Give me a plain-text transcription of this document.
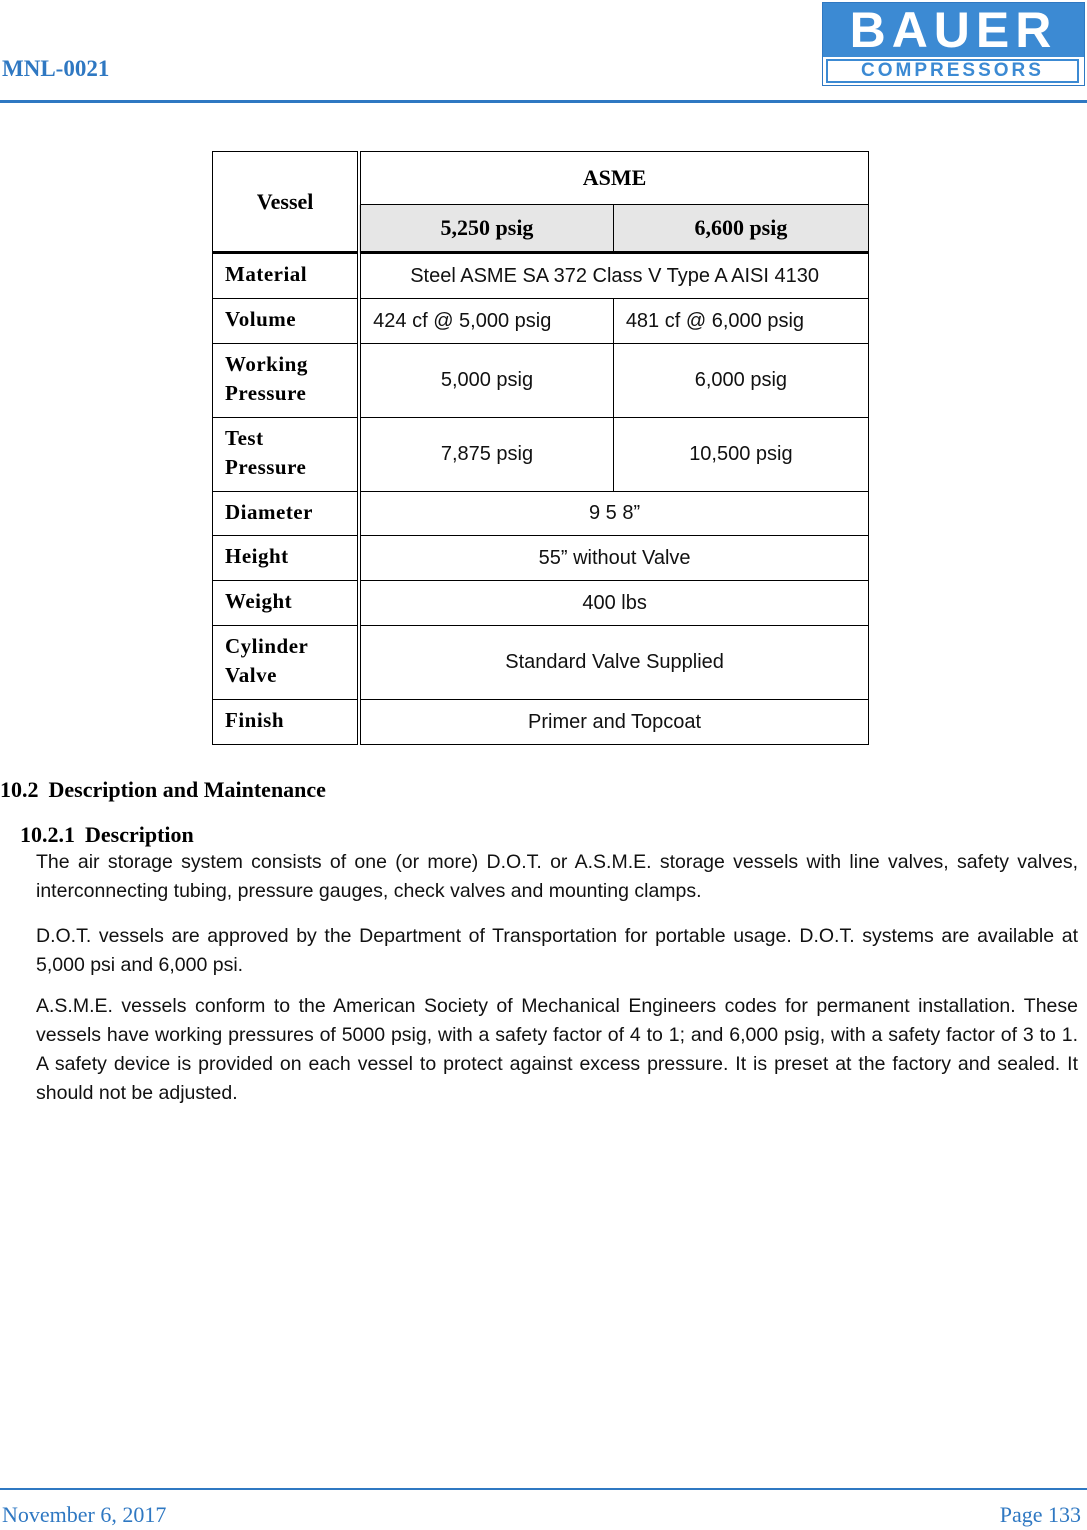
MNL-0021
BAUER
COMPRESSORS
Vessel	ASME	
	5,250 psig	6,600 psig
Material	Steel ASME SA 372 Class V Type A AISI 4130	
Volume	424 cf @ 5,000 psig	481 cf @ 6,000 psig
Working
Pressure	5,000 psig	6,000 psig
Test
Pressure	7,875 psig	10,500 psig
Diameter	9 5 8”	
Height	55” without Valve	
Weight	400 lbs	
Cylinder
Valve	Standard Valve Supplied	
Finish	Primer and Topcoat	
10.2 Description and Maintenance
10.2.1 Description
The air storage system consists of one (or more) D.O.T. or A.S.M.E. storage vessels with line valves, safety valves, interconnecting tubing, pressure gauges, check valves and mounting clamps.
D.O.T. vessels are approved by the Department of Transportation for portable usage. D.O.T. systems are available at 5,000 psi and 6,000 psi.
A.S.M.E. vessels conform to the American Society of Mechanical Engineers codes for permanent installation. These vessels have working pressures of 5000 psig, with a safety factor of 4 to 1; and 6,000 psig, with a safety factor of 3 to 1. A safety device is provided on each vessel to protect against excess pressure. It is preset at the factory and sealed. It should not be adjusted.
November 6, 2017	Page 133
